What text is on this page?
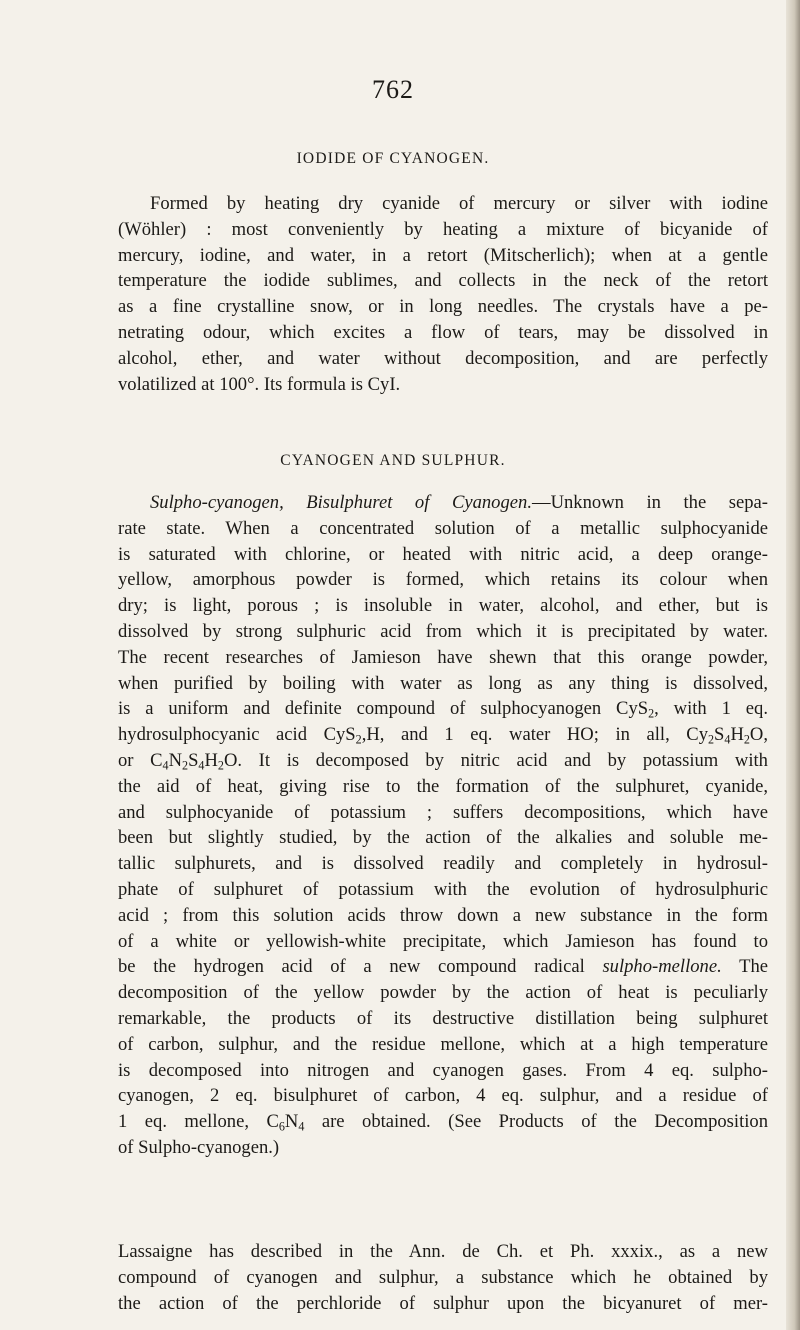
762
IODIDE OF CYANOGEN.
Formed by heating dry cyanide of mercury or silver with iodine
(Wöhler) : most conveniently by heating a mixture of bicyanide of
mercury, iodine, and water, in a retort (Mitscherlich); when at a gentle
temperature the iodide sublimes, and collects in the neck of the retort
as a fine crystalline snow, or in long needles. The crystals have a pe-
netrating odour, which excites a flow of tears, may be dissolved in
alcohol, ether, and water without decomposition, and are perfectly
volatilized at 100°. Its formula is CyI.
CYANOGEN AND SULPHUR.
Sulpho-cyanogen, Bisulphuret of Cyanogen.—Unknown in the sepa-
rate state. When a concentrated solution of a metallic sulphocyanide
is saturated with chlorine, or heated with nitric acid, a deep orange-
yellow, amorphous powder is formed, which retains its colour when
dry; is light, porous ; is insoluble in water, alcohol, and ether, but is
dissolved by strong sulphuric acid from which it is precipitated by water.
The recent researches of Jamieson have shewn that this orange powder,
when purified by boiling with water as long as any thing is dissolved,
is a uniform and definite compound of sulphocyanogen CyS$_2$, with 1 eq.
hydrosulphocyanic acid CyS$_2$,H, and 1 eq. water HO; in all, $Cy_2S_4H_2O$,
or $C_4N_2S_4H_2O$. It is decomposed by nitric acid and by potassium with
the aid of heat, giving rise to the formation of the sulphuret, cyanide,
and sulphocyanide of potassium ; suffers decompositions, which have
been but slightly studied, by the action of the alkalies and soluble me-
tallic sulphurets, and is dissolved readily and completely in hydrosul-
phate of sulphuret of potassium with the evolution of hydrosulphuric
acid ; from this solution acids throw down a new substance in the form
of a white or yellowish-white precipitate, which Jamieson has found to
be the hydrogen acid of a new compound radical sulpho-mellone. The
decomposition of the yellow powder by the action of heat is peculiarly
remarkable, the products of its destructive distillation being sulphuret
of carbon, sulphur, and the residue mellone, which at a high temperature
is decomposed into nitrogen and cyanogen gases. From 4 eq. sulpho-
cyanogen, 2 eq. bisulphuret of carbon, 4 eq. sulphur, and a residue of
1 eq. mellone, $C_6N_4$ are obtained. (See Products of the Decomposition
of Sulpho-cyanogen.)
Lassaigne has described in the Ann. de Ch. et Ph. xxxix., as a new
compound of cyanogen and sulphur, a substance which he obtained by
the action of the perchloride of sulphur upon the bicyanuret of mer-
